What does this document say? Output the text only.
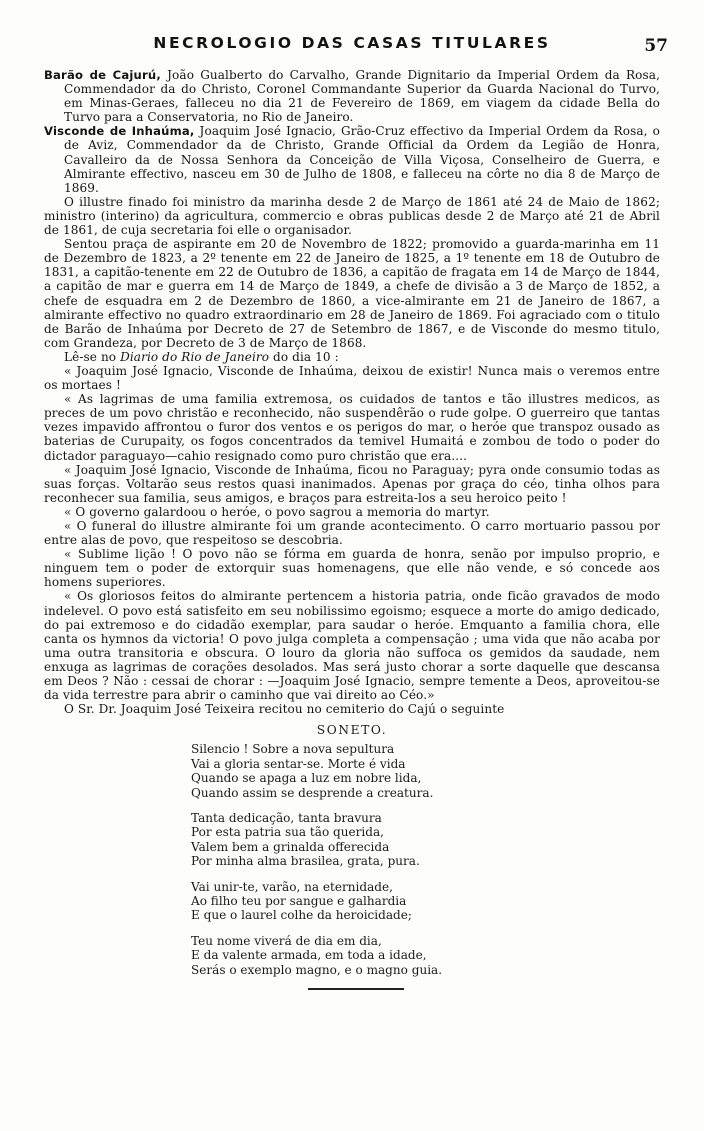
NECROLOGIO DAS CASAS TITULARES	57

Barão de Cajurú, João Gualberto do Carvalho, Grande Dignitario da Imperial Ordem da Rosa, Commendador da do Christo, Coronel Commandante Superior da Guarda Nacional do Turvo, em Minas-Geraes, falleceu no dia 21 de Fevereiro de 1869, em viagem da cidade Bella do Turvo para a Conservatoria, no Rio de Janeiro.

Visconde de Inhaúma, Joaquim José Ignacio, Grão-Cruz effectivo da Imperial Ordem da Rosa, o de Aviz, Commendador da de Christo, Grande Official da Ordem da Legião de Honra, Cavalleiro da de Nossa Senhora da Conceição de Villa Viçosa, Conselheiro de Guerra, e Almirante effectivo, nasceu em 30 de Julho de 1808, e falleceu na côrte no dia 8 de Março de 1869.

O illustre finado foi ministro da marinha desde 2 de Março de 1861 até 24 de Maio de 1862; ministro (interino) da agricultura, commercio e obras publicas desde 2 de Março até 21 de Abril de 1861, de cuja secretaria foi elle o organisador.

Sentou praça de aspirante em 20 de Novembro de 1822; promovido a guarda-marinha em 11 de Dezembro de 1823, a 2º tenente em 22 de Janeiro de 1825, a 1º tenente em 18 de Outubro de 1831, a capitão-tenente em 22 de Outubro de 1836, a capitão de fragata em 14 de Março de 1844, a capitão de mar e guerra em 14 de Março de 1849, a chefe de divisão a 3 de Março de 1852, a chefe de esquadra em 2 de Dezembro de 1860, a vice-almirante em 21 de Janeiro de 1867, a almirante effectivo no quadro extraordinario em 28 de Janeiro de 1869. Foi agraciado com o titulo de Barão de Inhaúma por Decreto de 27 de Setembro de 1867, e de Visconde do mesmo titulo, com Grandeza, por Decreto de 3 de Março de 1868.

Lê-se no Diario do Rio de Janeiro do dia 10 :

« Joaquim José Ignacio, Visconde de Inhaúma, deixou de existir! Nunca mais o veremos entre os mortaes !

« As lagrimas de uma familia extremosa, os cuidados de tantos e tão illustres medicos, as preces de um povo christão e reconhecido, não suspendêrão o rude golpe. O guerreiro que tantas vezes impavido affrontou o furor dos ventos e os perigos do mar, o heróe que transpoz ousado as baterias de Curupaity, os fogos concentrados da temivel Humaitá e zombou de todo o poder do dictador paraguayo—cahio resignado como puro christão que era....

« Joaquim José Ignacio, Visconde de Inhaúma, ficou no Paraguay; pyra onde consumio todas as suas forças. Voltarão seus restos quasi inanimados. Apenas por graça do céo, tinha olhos para reconhecer sua familia, seus amigos, e braços para estreita-los a seu heroico peito !

« O governo galardoou o heróe, o povo sagrou a memoria do martyr.

« O funeral do illustre almirante foi um grande acontecimento. O carro mortuario passou por entre alas de povo, que respeitoso se descobria.

« Sublime lição ! O povo não se fórma em guarda de honra, senão por impulso proprio, e ninguem tem o poder de extorquir suas homenagens, que elle não vende, e só concede aos homens superiores.

« Os gloriosos feitos do almirante pertencem a historia patria, onde ficão gravados de modo indelevel. O povo está satisfeito em seu nobilissimo egoismo; esquece a morte do amigo dedicado, do pai extremoso e do cidadão exemplar, para saudar o heróe. Emquanto a familia chora, elle canta os hymnos da victoria! O povo julga completa a compensação ; uma vida que não acaba por uma outra transitoria e obscura. O louro da gloria não suffoca os gemidos da saudade, nem enxuga as lagrimas de corações desolados. Mas será justo chorar a sorte daquelle que descansa em Deos ? Não : cessai de chorar : —Joaquim José Ignacio, sempre temente a Deos, aproveitou-se da vida terrestre para abrir o caminho que vai direito ao Céo.»

O Sr. Dr. Joaquim José Teixeira recitou no cemiterio do Cajú o seguinte

SONETO.
Silencio ! Sobre a nova sepultura
Vai a gloria sentar-se. Morte é vida
Quando se apaga a luz em nobre lida,
Quando assim se desprende a creatura.
Tanta dedicação, tanta bravura
Por esta patria sua tão querida,
Valem bem a grinalda offerecida
Por minha alma brasilea, grata, pura.
Vai unir-te, varão, na eternidade,
Ao filho teu por sangue e galhardia
E que o laurel colhe da heroicidade;
Teu nome viverá de dia em dia,
E da valente armada, em toda a idade,
Serás o exemplo magno, e o magno guia.
